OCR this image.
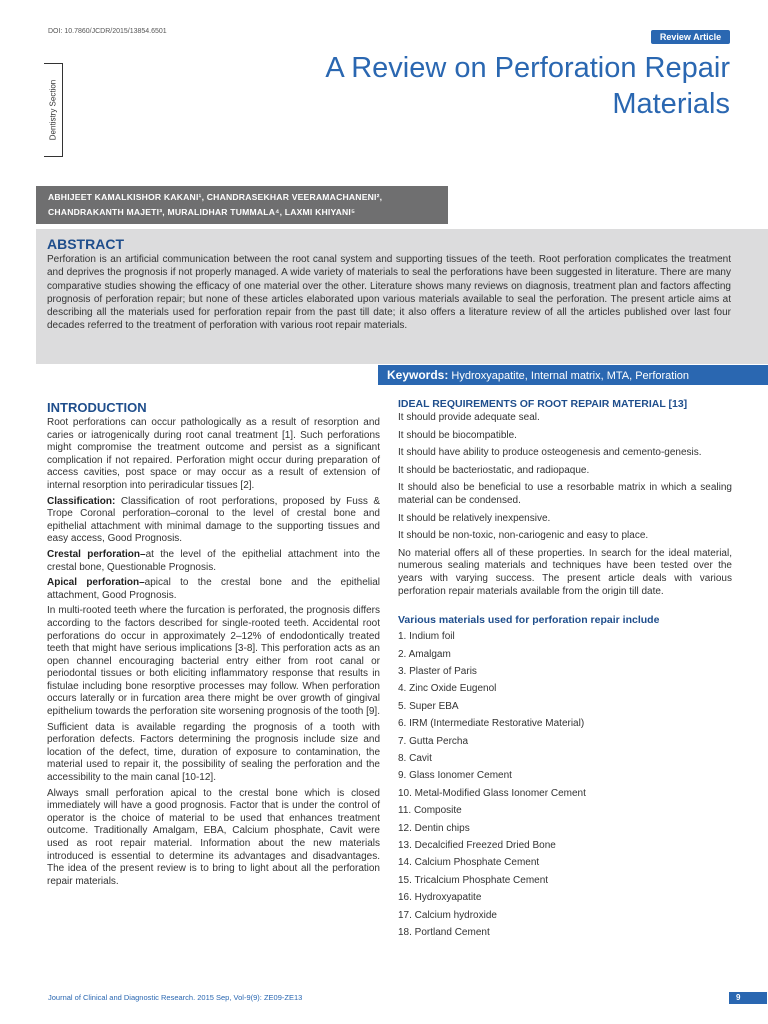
DOI: 10.7860/JCDR/2015/13854.6501
Review Article
A Review on Perforation Repair Materials
Dentistry Section
ABHIJEET KAMALKISHOR KAKANI¹, CHANDRASEKHAR VEERAMACHANENI²,
CHANDRAKANTH MAJETI³, MURALIDHAR TUMMALA⁴, LAXMI KHIYANI⁵
ABSTRACT
Perforation is an artificial communication between the root canal system and supporting tissues of the teeth. Root perforation complicates the treatment and deprives the prognosis if not properly managed. A wide variety of materials to seal the perforations have been suggested in literature. There are many comparative studies showing the efficacy of one material over the other. Literature shows many reviews on diagnosis, treatment plan and factors affecting prognosis of perforation repair; but none of these articles elaborated upon various materials available to seal the perforation. The present article aims at describing all the materials used for perforation repair from the past till date; it also offers a literature review of all the articles published over last four decades referred to the treatment of perforation with various root repair materials.
Keywords: Hydroxyapatite, Internal matrix, MTA, Perforation
INTRODUCTION

Root perforations can occur pathologically as a result of resorption and caries or iatrogenically during root canal treatment [1]. Such perforations might compromise the treatment outcome and persist as a significant complication if not repaired. Perforation might occur during preparation of access cavities, post space or may occur as a result of extension of internal resorption into periradicular tissues [2].

Classification: Classification of root perforations, proposed by Fuss & Trope Coronal perforation–coronal to the level of crestal bone and epithelial attachment with minimal damage to the supporting tissues and easy access, Good Prognosis.

Crestal perforation–at the level of the epithelial attachment into the crestal bone, Questionable Prognosis.

Apical perforation–apical to the crestal bone and the epithelial attachment, Good Prognosis.

In multi-rooted teeth where the furcation is perforated, the prognosis differs according to the factors described for single-rooted teeth. Accidental root perforations do occur in approximately 2–12% of endodontically treated teeth that might have serious implications [3-8]. This perforation acts as an open channel encouraging bacterial entry either from root canal or periodontal tissues or both eliciting inflammatory response that results in fistulae including bone resorptive processes may follow. When perforation occurs laterally or in furcation area there might be over growth of gingival epithelium towards the perforation site worsening prognosis of the tooth [9].

Sufficient data is available regarding the prognosis of a tooth with perforation defects. Factors determining the prognosis include size and location of the defect, time, duration of exposure to contamination, the material used to repair it, the possibility of sealing the perforation and the accessibility to the main canal [10-12].

Always small perforation apical to the crestal bone which is closed immediately will have a good prognosis. Factor that is under the control of operator is the choice of material to be used that enhances treatment outcome. Traditionally Amalgam, EBA, Calcium phosphate, Cavit were used as root repair material. Information about the new materials introduced is essential to determine its advantages and disadvantages. The idea of the present review is to bring to light about all the perforation repair materials.

IDEAL REQUIREMENTS OF ROOT REPAIR MATERIAL [13]

It should provide adequate seal.

It should be biocompatible.

It should have ability to produce osteogenesis and cemento-genesis.

It should be bacteriostatic, and radiopaque.

It should also be beneficial to use a resorbable matrix in which a sealing material can be condensed.

It should be relatively inexpensive.

It should be non-toxic, non-cariogenic and easy to place.

No material offers all of these properties. In search for the ideal material, numerous sealing materials and techniques have been tested over the years with varying success. The present article deals with various perforation repair materials available from the origin till date.

Various materials used for perforation repair include
1. Indium foil
2. Amalgam
3. Plaster of Paris
4. Zinc Oxide Eugenol
5. Super EBA
6. IRM (Intermediate Restorative Material)
7. Gutta Percha
8. Cavit
9. Glass Ionomer Cement
10. Metal-Modified Glass Ionomer Cement
11. Composite
12. Dentin chips
13. Decalcified Freezed Dried Bone
14. Calcium Phosphate Cement
15. Tricalcium Phosphate Cement
16. Hydroxyapatite
17. Calcium hydroxide
18. Portland Cement
Journal of Clinical and Diagnostic Research. 2015 Sep, Vol-9(9): ZE09-ZE13	9
